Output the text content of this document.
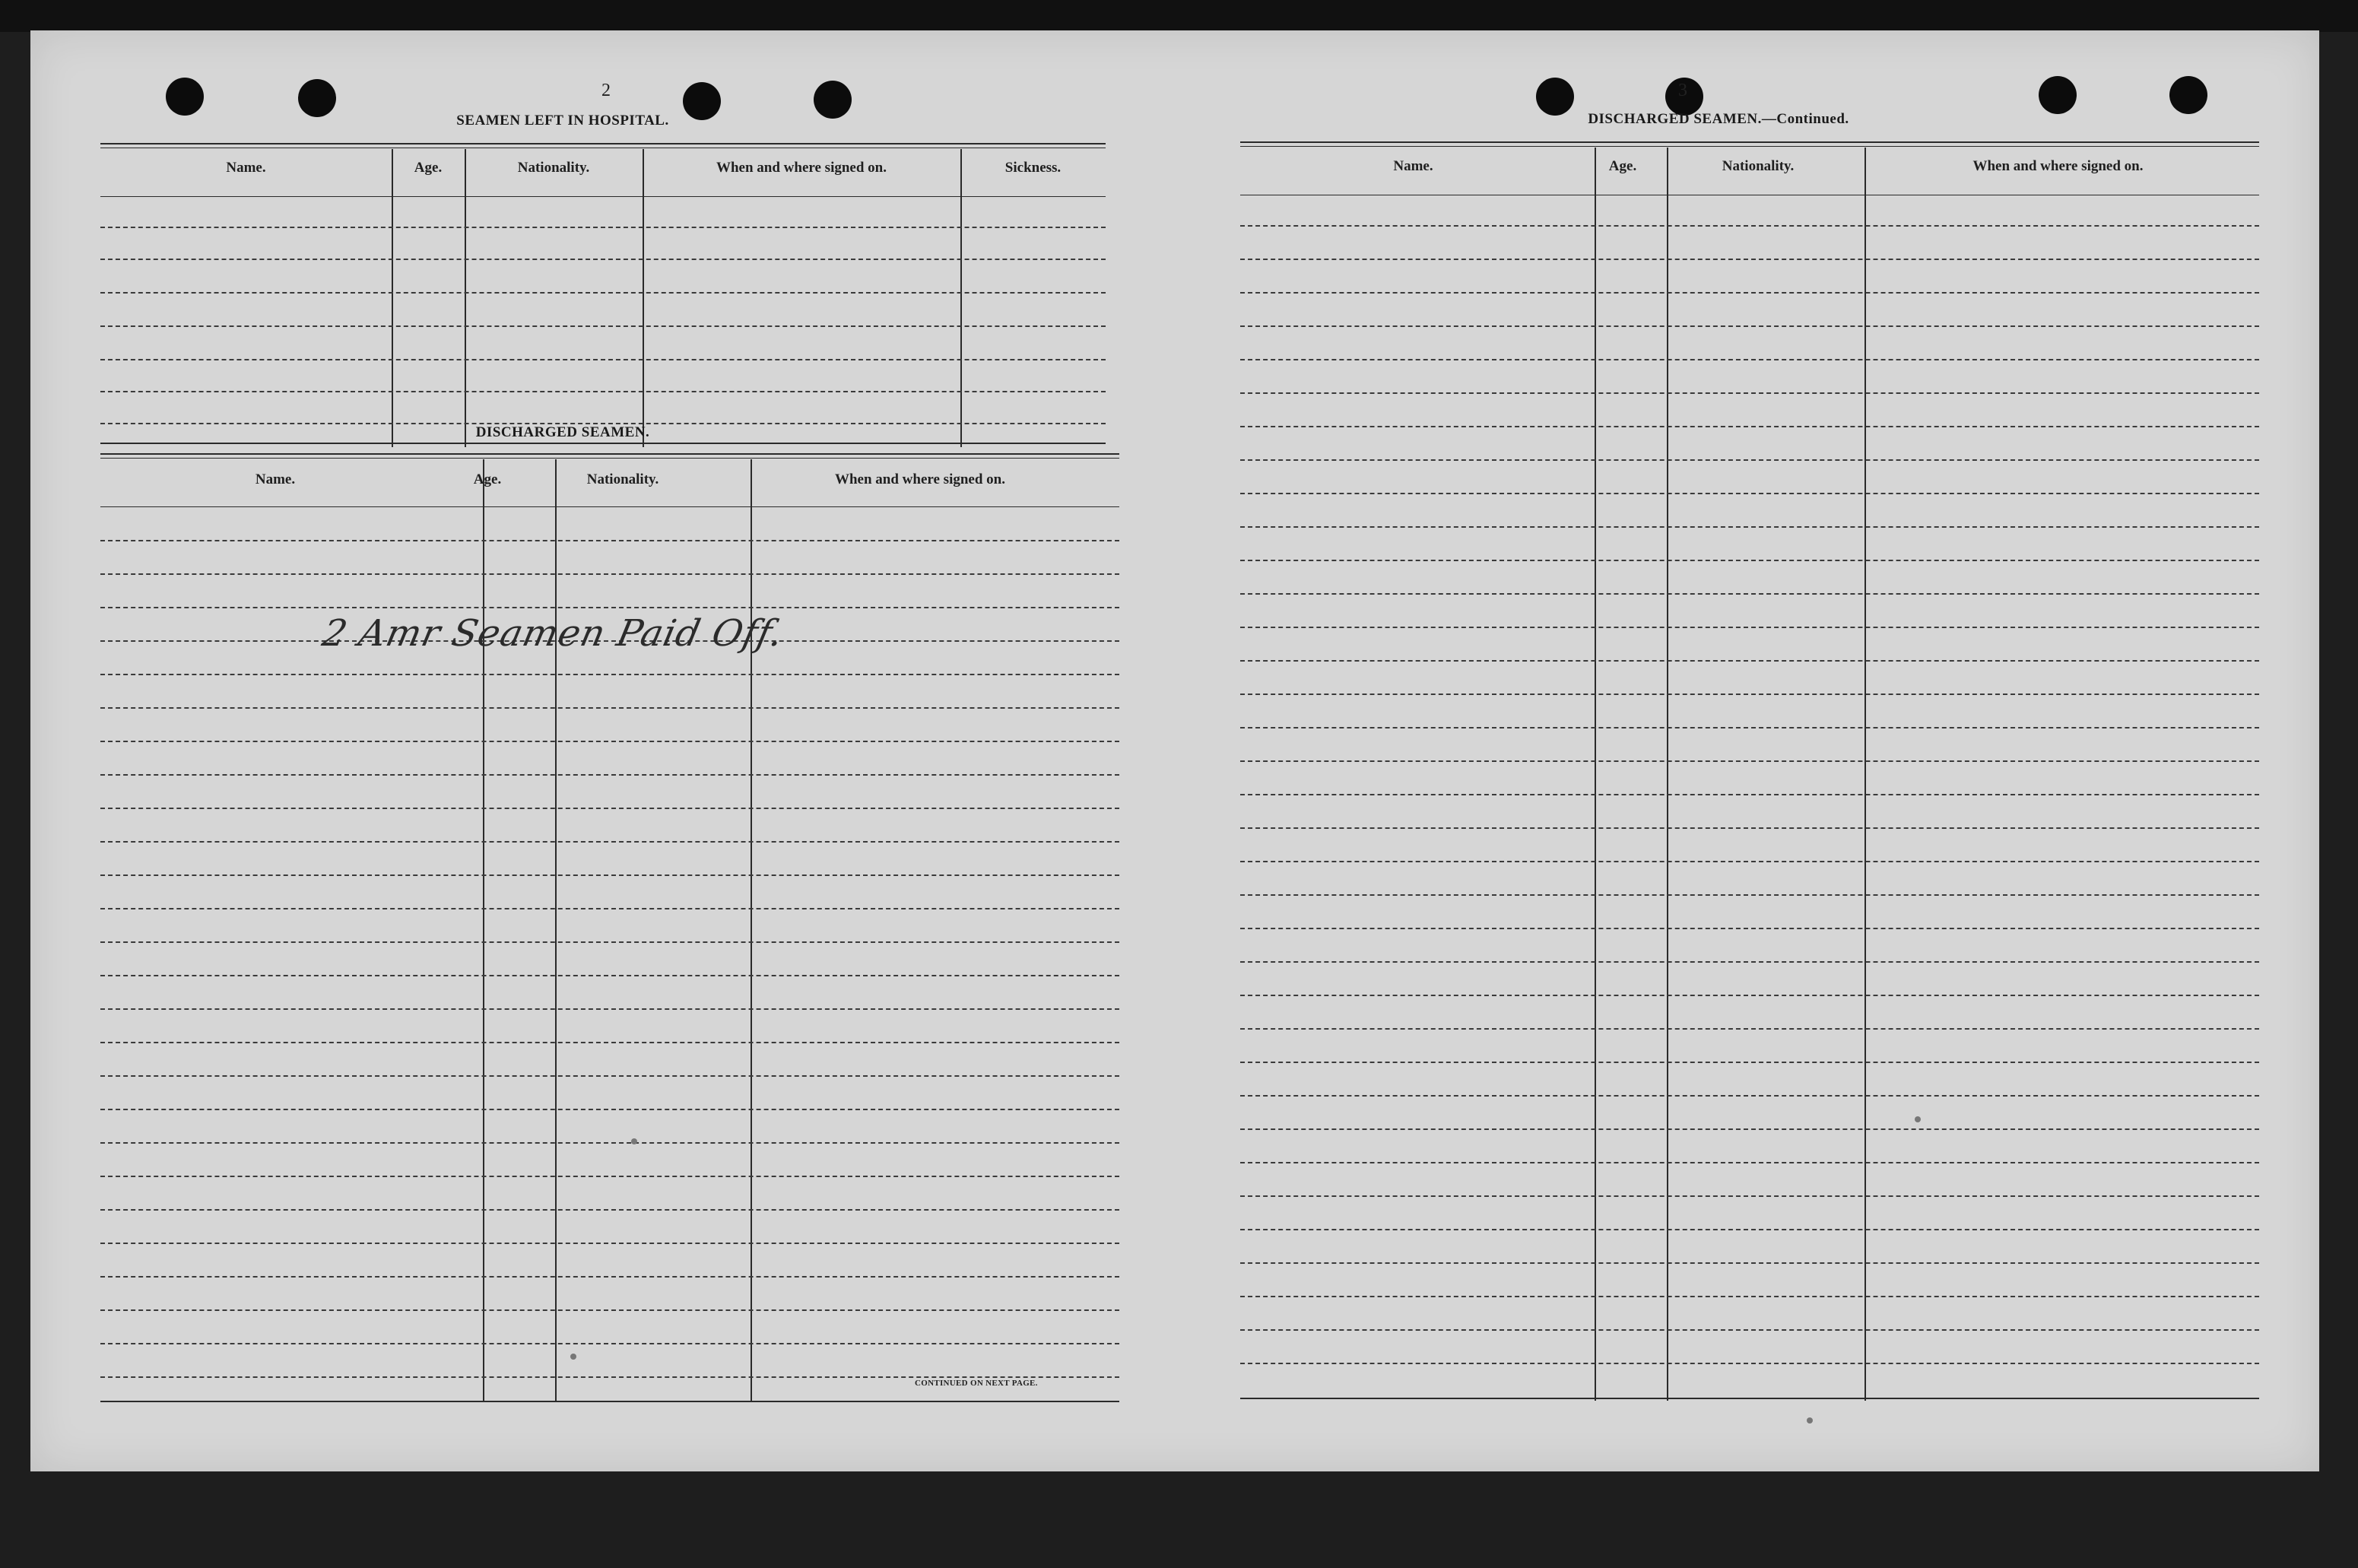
2
SEAMEN LEFT IN HOSPITAL.
Name.	Age.	Nationality.	When and where signed on.	Sickness.
DISCHARGED SEAMEN.
Name.	Age.	Nationality.	When and where signed on.
2 Amr Seamen Paid Off.
CONTINUED ON NEXT PAGE.
3
DISCHARGED SEAMEN.—Continued.
Name.	Age.	Nationality.	When and where signed on.
